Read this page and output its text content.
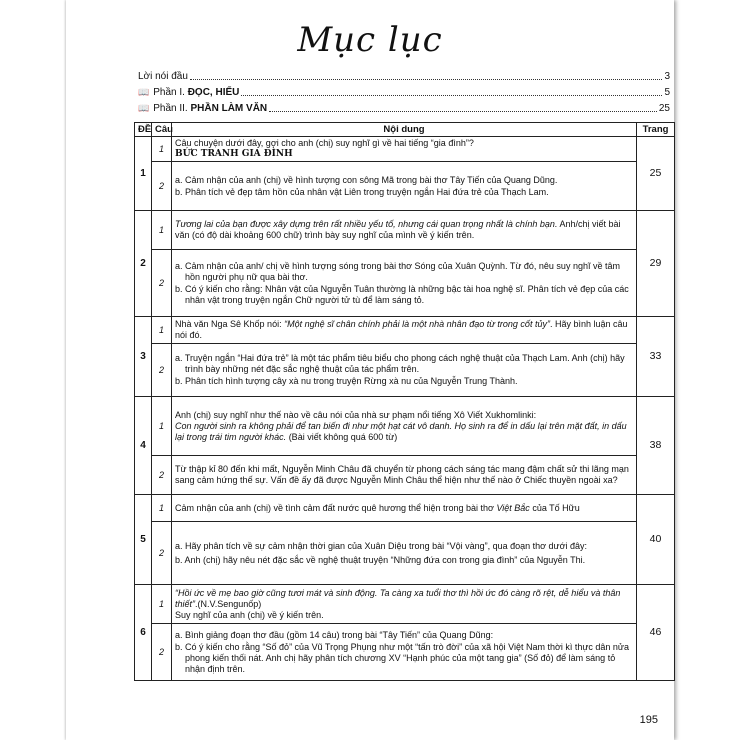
Mục lục
Lời nói đầu	3
📖 Phần I. ĐỌC, HIỂU	5
📖 Phần II. PHẦN LÀM VĂN	25
ĐỀ	Câu	Nội dung	Trang
1	1	Câu chuyện dưới đây, gợi cho anh (chị) suy nghĩ gì về hai tiếng “gia đình”?
BỨC TRANH GIA ĐÌNH	25
	2	a. Cảm nhận của anh (chị) về hình tượng con sông Mã trong bài thơ Tây Tiến của Quang Dũng.
b. Phân tích vẻ đẹp tâm hồn của nhân vật Liên trong truyện ngắn Hai đứa trẻ của Thạch Lam.	

2	1	Tương lai của bạn được xây dựng trên rất nhiều yếu tố, nhưng cái quan trọng nhất là chính bạn. Anh/chị viết bài văn (có độ dài khoảng 600 chữ) trình bày suy nghĩ của mình về ý kiến trên.	29
	2	a. Cảm nhận của anh/ chị về hình tượng sóng trong bài thơ Sóng của Xuân Quỳnh. Từ đó, nêu suy nghĩ về tâm hồn người phụ nữ qua bài thơ.
b. Có ý kiến cho rằng: Nhân vật của Nguyễn Tuân thường là những bậc tài hoa nghệ sĩ. Phân tích vẻ đẹp của các nhân vật trong truyện ngắn Chữ người tử tù để làm sáng tỏ.	

3	1	Nhà văn Nga Sê Khốp nói: “Một nghệ sĩ chân chính phải là một nhà nhân đạo từ trong cốt tủy”. Hãy bình luận câu nói đó.	33
	2	a. Truyện ngắn “Hai đứa trẻ” là một tác phẩm tiêu biểu cho phong cách nghệ thuật của Thạch Lam. Anh (chị) hãy trình bày những nét đặc sắc nghệ thuật của tác phẩm trên.
b. Phân tích hình tượng cây xà nu trong truyện Rừng xà nu của Nguyễn Trung Thành.	

4	1	Anh (chị) suy nghĩ như thế nào về câu nói của nhà sư phạm nổi tiếng Xô Viết Xukhomlinki:
Con người sinh ra không phải để tan biến đi như một hạt cát vô danh. Họ sinh ra để in dấu lại trên mặt đất, in dấu lại trong trái tim người khác. (Bài viết không quá 600 từ)	38
	2	Từ thập kỉ 80 đến khi mất, Nguyễn Minh Châu đã chuyển từ phong cách sáng tác mang đậm chất sử thi lãng mạn sang cảm hứng thế sự. Vấn đề ấy đã được Nguyễn Minh Châu thể hiện như thế nào ở Chiếc thuyền ngoài xa?	

5	1	Cảm nhận của anh (chị) về tình cảm đất nước quê hương thể hiện trong bài thơ Việt Bắc của Tố Hữu	40
	2	a. Hãy phân tích về sự cảm nhận thời gian của Xuân Diệu trong bài “Vội vàng”, qua đoạn thơ dưới đây:
b. Anh (chị) hãy nêu nét đặc sắc về nghệ thuật truyện “Những đứa con trong gia đình” của Nguyễn Thi.	

6	1	“Hồi ức về mẹ bao giờ cũng tươi mát và sinh động. Ta càng xa tuổi thơ thì hồi ức đó càng rõ rệt, dễ hiểu và thân thiết”.(N.V.Sengunốp)
Suy nghĩ của anh (chị) về ý kiến trên.	46
	2	a. Bình giảng đoạn thơ đầu (gồm 14 câu) trong bài “Tây Tiến” của Quang Dũng:
b. Có ý kiến cho rằng “Số đỏ” của Vũ Trọng Phụng như một “tấn trò đời” của xã hội Việt Nam thời kì thực dân nửa phong kiến thối nát. Anh chị hãy phân tích chương XV “Hạnh phúc của một tang gia” (Số đỏ) để làm sáng tỏ nhận định trên.	
195
